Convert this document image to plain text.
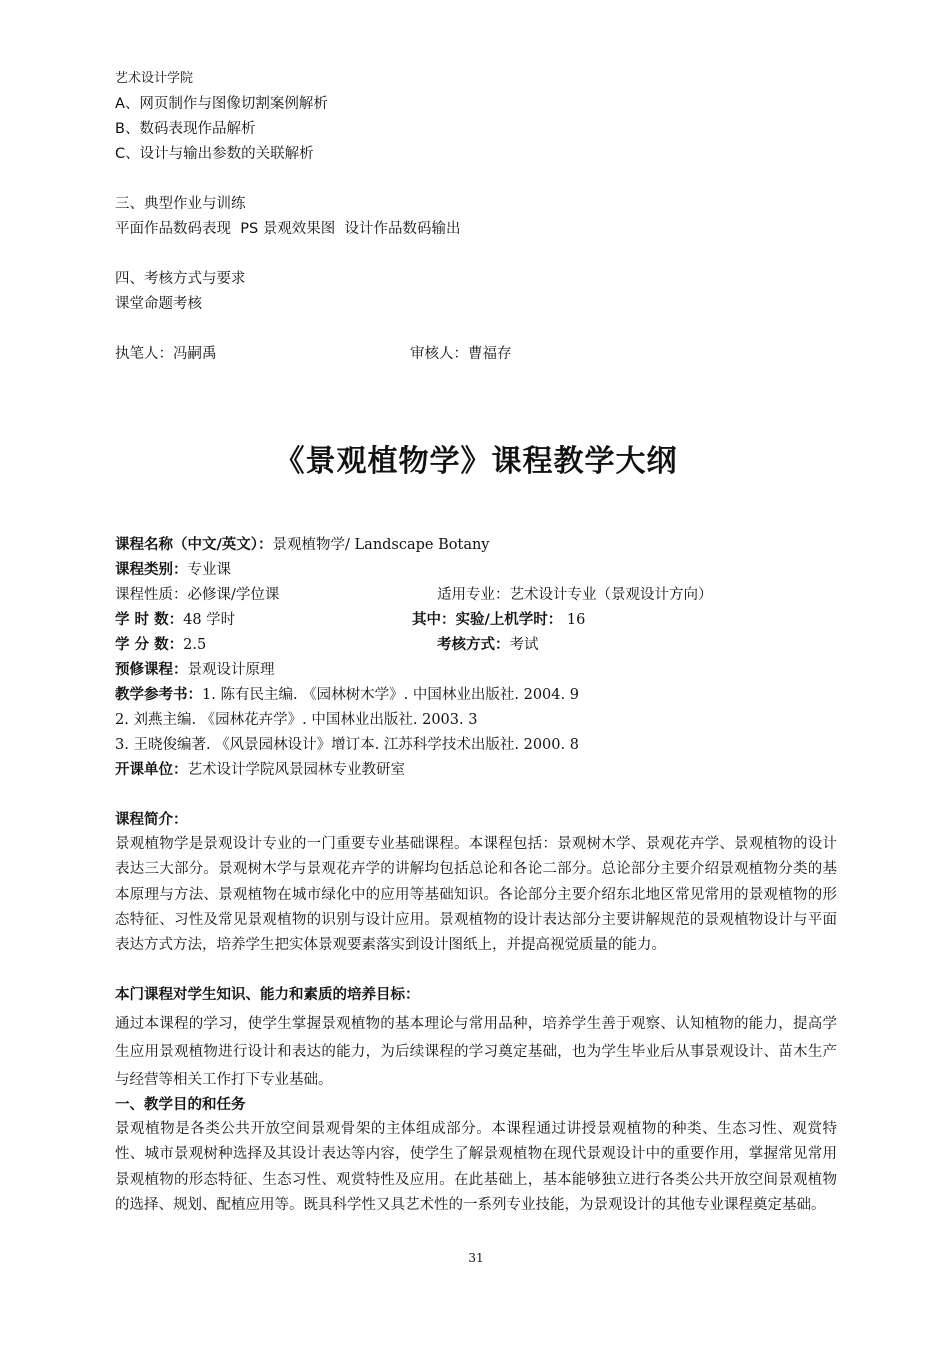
艺术设计学院
A、网页制作与图像切割案例解析
B、数码表现作品解析
C、设计与输出参数的关联解析
三、典型作业与训练
平面作品数码表现  PS 景观效果图  设计作品数码输出
四、考核方式与要求
课堂命题考核
执笔人：冯嗣禹	审核人：曹福存
《景观植物学》课程教学大纲
课程名称（中文/英文）：景观植物学/ Landscape Botany
课程类别：专业课
课程性质：必修课/学位课	适用专业：艺术设计专业（景观设计方向）
学 时 数：48 学时	其中：实验/上机学时： 16
学 分 数：2.5	考核方式：考试
预修课程：景观设计原理
教学参考书：1. 陈有民主编. 《园林树木学》. 中国林业出版社. 2004. 9
2. 刘燕主编. 《园林花卉学》. 中国林业出版社. 2003. 3
3. 王晓俊编著. 《风景园林设计》增订本. 江苏科学技术出版社. 2000. 8
开课单位：艺术设计学院风景园林专业教研室
课程简介：
景观植物学是景观设计专业的一门重要专业基础课程。本课程包括：景观树木学、景观花卉学、景观植物的设计表达三大部分。景观树木学与景观花卉学的讲解均包括总论和各论二部分。总论部分主要介绍景观植物分类的基本原理与方法、景观植物在城市绿化中的应用等基础知识。各论部分主要介绍东北地区常见常用的景观植物的形态特征、习性及常见景观植物的识别与设计应用。景观植物的设计表达部分主要讲解规范的景观植物设计与平面表达方式方法，培养学生把实体景观要素落实到设计图纸上，并提高视觉质量的能力。
本门课程对学生知识、能力和素质的培养目标：
通过本课程的学习，使学生掌握景观植物的基本理论与常用品种，培养学生善于观察、认知植物的能力，提高学生应用景观植物进行设计和表达的能力，为后续课程的学习奠定基础，也为学生毕业后从事景观设计、苗木生产与经营等相关工作打下专业基础。
一、教学目的和任务
景观植物是各类公共开放空间景观骨架的主体组成部分。本课程通过讲授景观植物的种类、生态习性、观赏特性、城市景观树种选择及其设计表达等内容，使学生了解景观植物在现代景观设计中的重要作用，掌握常见常用景观植物的形态特征、生态习性、观赏特性及应用。在此基础上，基本能够独立进行各类公共开放空间景观植物的选择、规划、配植应用等。既具科学性又具艺术性的一系列专业技能，为景观设计的其他专业课程奠定基础。
31
